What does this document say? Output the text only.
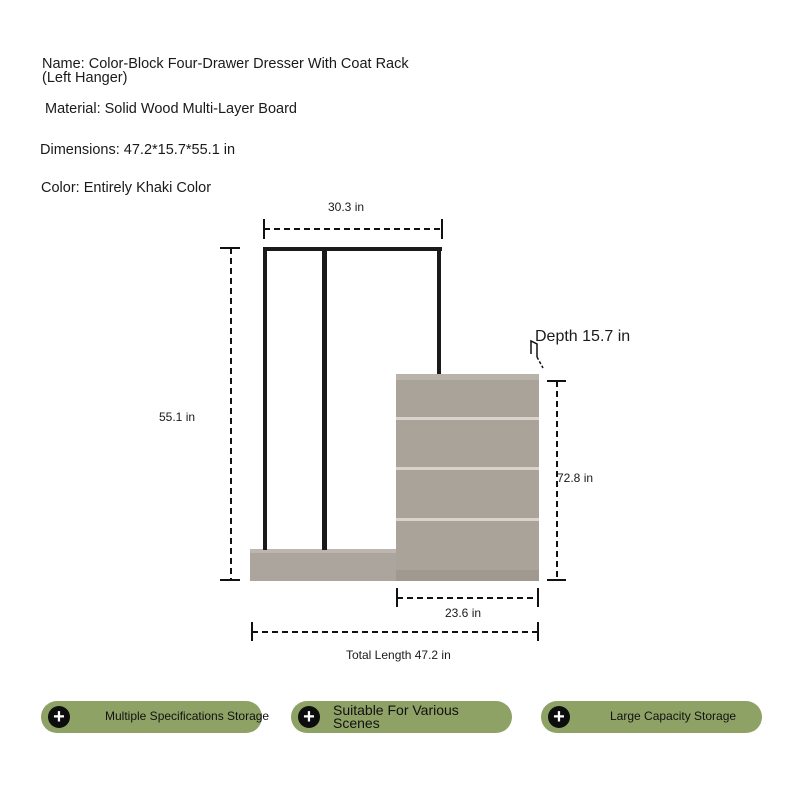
Name: Color-Block Four-Drawer Dresser With Coat Rack
(Left Hanger)
Material: Solid Wood Multi-Layer Board
Dimensions: 47.2*15.7*55.1 in
Color: Entirely Khaki Color
30.3 in
55.1 in
Depth 15.7 in
72.8 in
23.6 in
Total Length 47.2 in
+	Multiple Specifications Storage +	Suitable For Various Scenes	+	Large Capacity Storage
